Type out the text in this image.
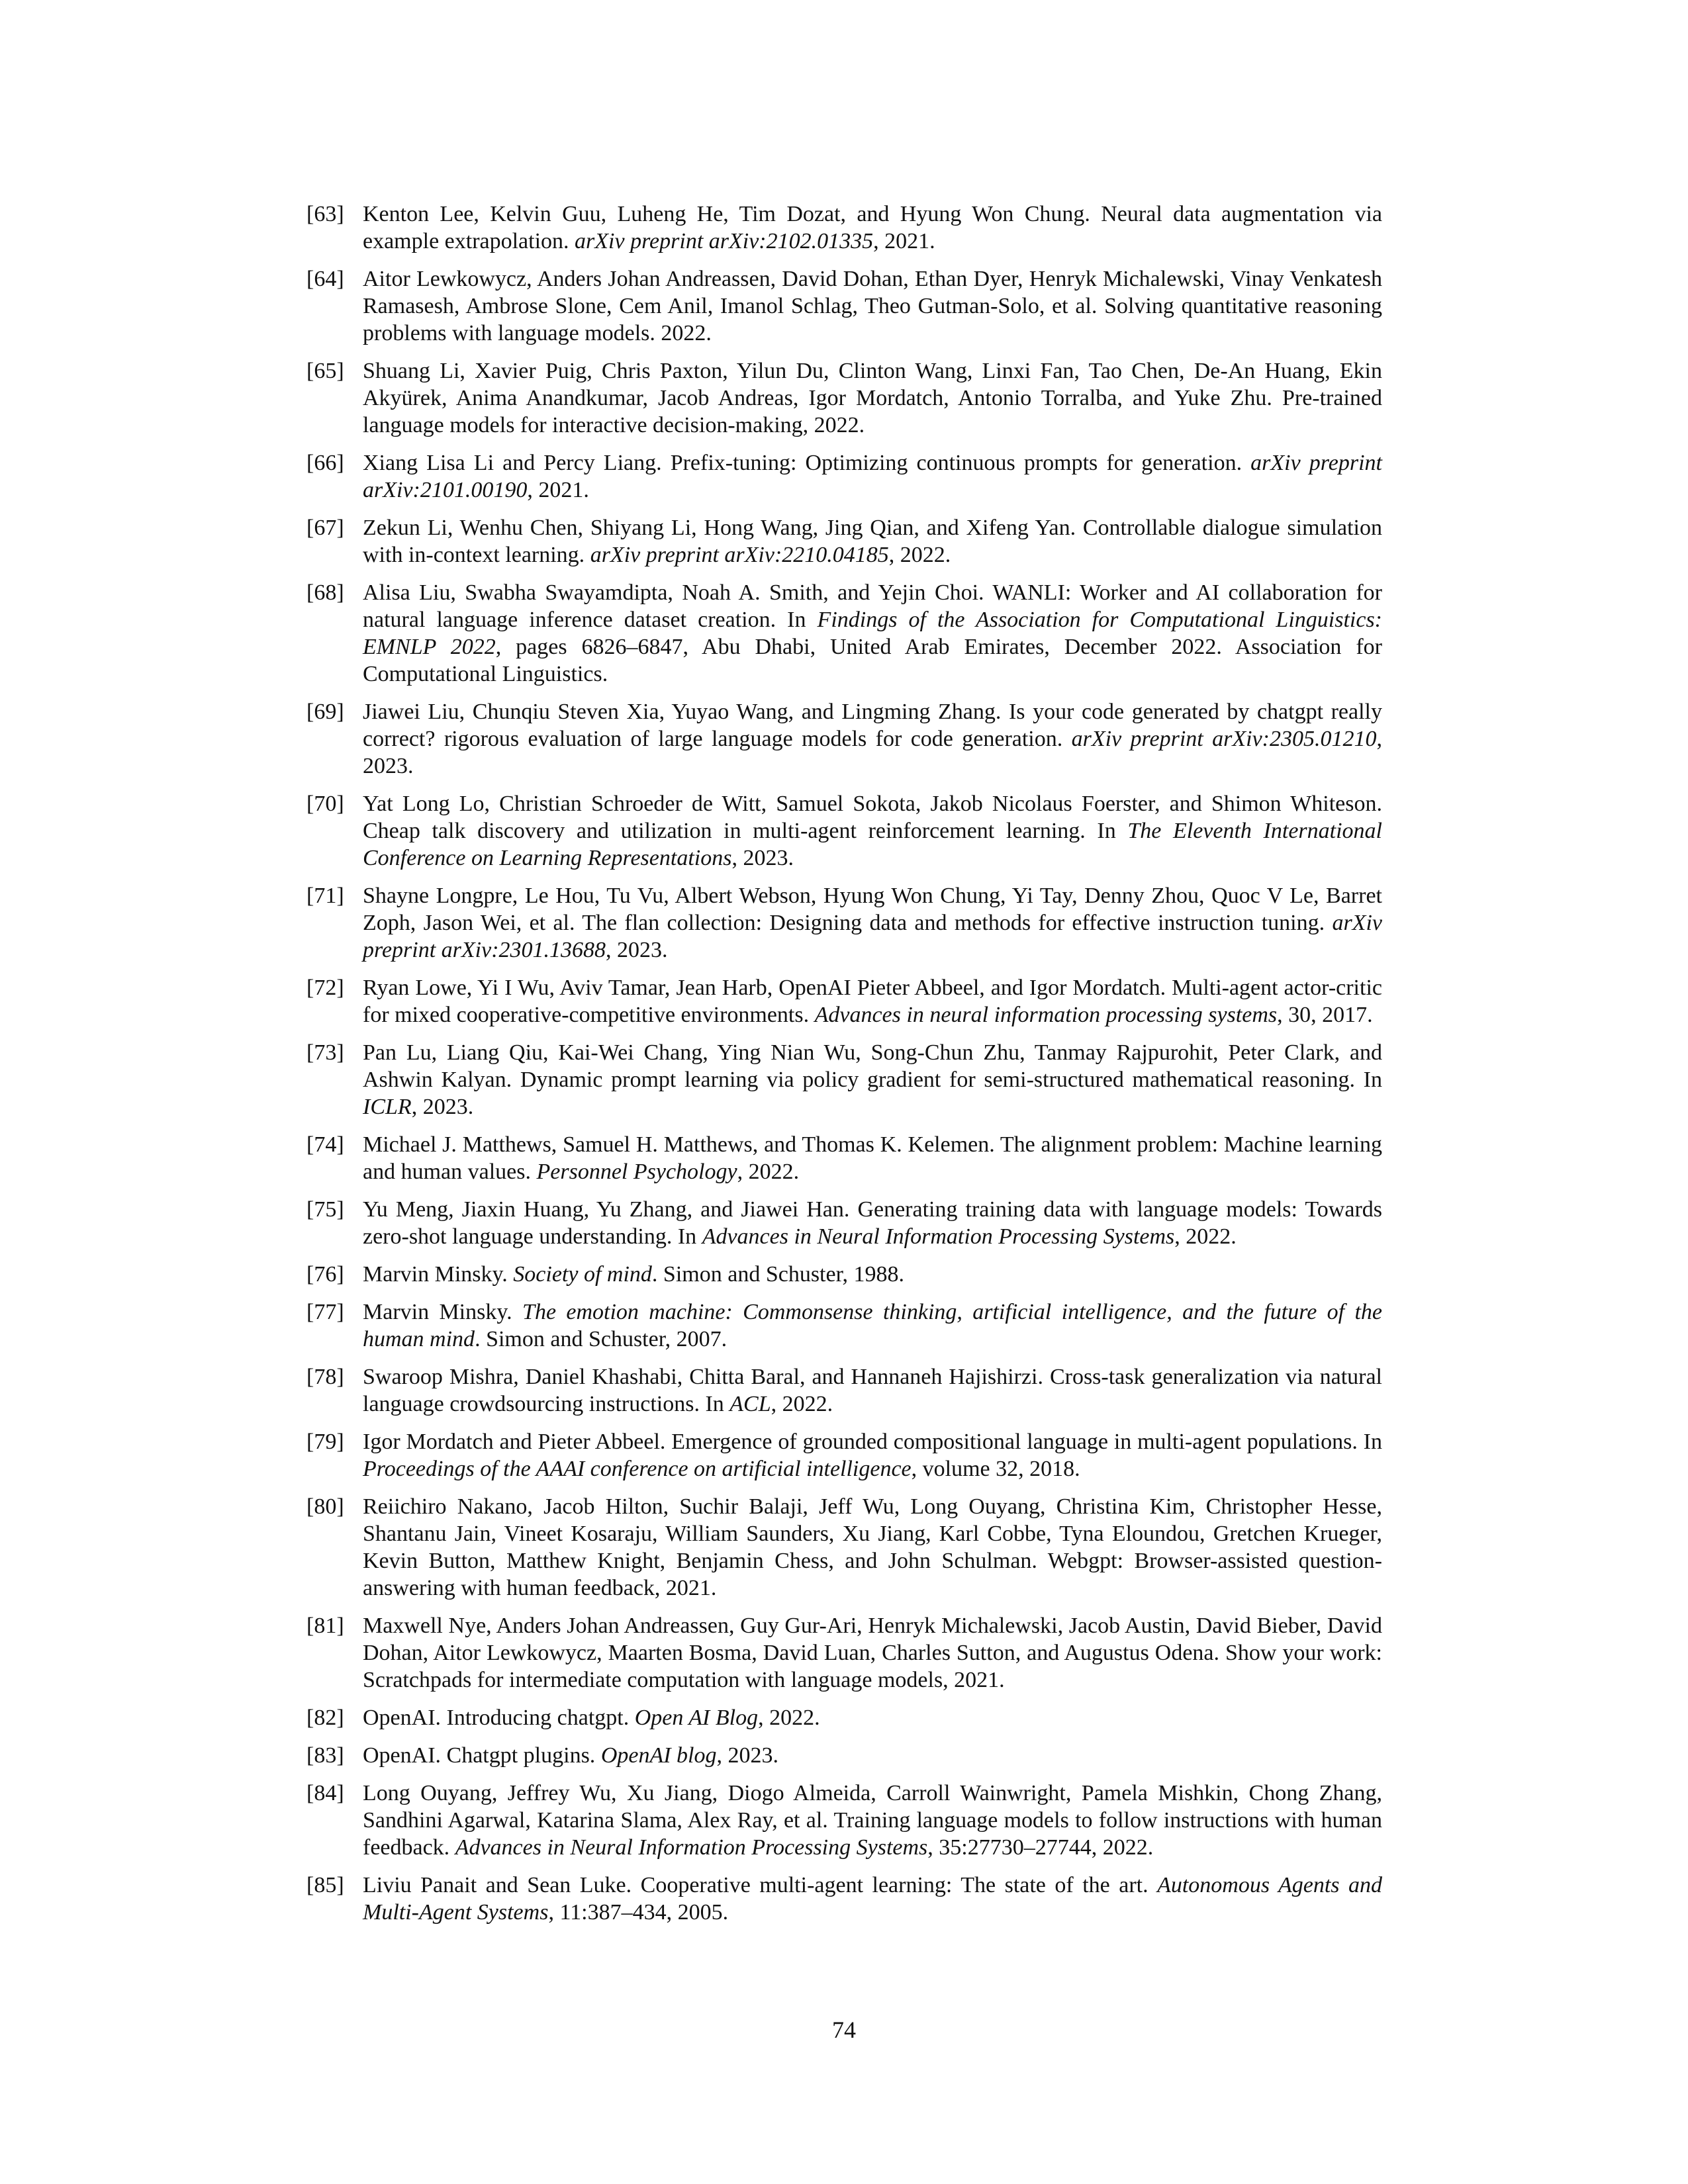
[63] Kenton Lee, Kelvin Guu, Luheng He, Tim Dozat, and Hyung Won Chung. Neural data augmentation via example extrapolation. arXiv preprint arXiv:2102.01335, 2021.
[64] Aitor Lewkowycz, Anders Johan Andreassen, David Dohan, Ethan Dyer, Henryk Michalewski, Vinay Venkatesh Ramasesh, Ambrose Slone, Cem Anil, Imanol Schlag, Theo Gutman-Solo, et al. Solving quantitative reasoning problems with language models. 2022.
[65] Shuang Li, Xavier Puig, Chris Paxton, Yilun Du, Clinton Wang, Linxi Fan, Tao Chen, De-An Huang, Ekin Akyürek, Anima Anandkumar, Jacob Andreas, Igor Mordatch, Antonio Torralba, and Yuke Zhu. Pre-trained language models for interactive decision-making, 2022.
[66] Xiang Lisa Li and Percy Liang. Prefix-tuning: Optimizing continuous prompts for generation. arXiv preprint arXiv:2101.00190, 2021.
[67] Zekun Li, Wenhu Chen, Shiyang Li, Hong Wang, Jing Qian, and Xifeng Yan. Controllable dialogue simulation with in-context learning. arXiv preprint arXiv:2210.04185, 2022.
[68] Alisa Liu, Swabha Swayamdipta, Noah A. Smith, and Yejin Choi. WANLI: Worker and AI collaboration for natural language inference dataset creation. In Findings of the Association for Computational Linguistics: EMNLP 2022, pages 6826–6847, Abu Dhabi, United Arab Emirates, December 2022. Association for Computational Linguistics.
[69] Jiawei Liu, Chunqiu Steven Xia, Yuyao Wang, and Lingming Zhang. Is your code generated by chatgpt really correct? rigorous evaluation of large language models for code generation. arXiv preprint arXiv:2305.01210, 2023.
[70] Yat Long Lo, Christian Schroeder de Witt, Samuel Sokota, Jakob Nicolaus Foerster, and Shimon Whiteson. Cheap talk discovery and utilization in multi-agent reinforcement learning. In The Eleventh International Conference on Learning Representations, 2023.
[71] Shayne Longpre, Le Hou, Tu Vu, Albert Webson, Hyung Won Chung, Yi Tay, Denny Zhou, Quoc V Le, Barret Zoph, Jason Wei, et al. The flan collection: Designing data and methods for effective instruction tuning. arXiv preprint arXiv:2301.13688, 2023.
[72] Ryan Lowe, Yi I Wu, Aviv Tamar, Jean Harb, OpenAI Pieter Abbeel, and Igor Mordatch. Multi-agent actor-critic for mixed cooperative-competitive environments. Advances in neural information processing systems, 30, 2017.
[73] Pan Lu, Liang Qiu, Kai-Wei Chang, Ying Nian Wu, Song-Chun Zhu, Tanmay Rajpurohit, Peter Clark, and Ashwin Kalyan. Dynamic prompt learning via policy gradient for semi-structured mathematical reasoning. In ICLR, 2023.
[74] Michael J. Matthews, Samuel H. Matthews, and Thomas K. Kelemen. The alignment problem: Machine learning and human values. Personnel Psychology, 2022.
[75] Yu Meng, Jiaxin Huang, Yu Zhang, and Jiawei Han. Generating training data with language models: Towards zero-shot language understanding. In Advances in Neural Information Processing Systems, 2022.
[76] Marvin Minsky. Society of mind. Simon and Schuster, 1988.
[77] Marvin Minsky. The emotion machine: Commonsense thinking, artificial intelligence, and the future of the human mind. Simon and Schuster, 2007.
[78] Swaroop Mishra, Daniel Khashabi, Chitta Baral, and Hannaneh Hajishirzi. Cross-task generalization via natural language crowdsourcing instructions. In ACL, 2022.
[79] Igor Mordatch and Pieter Abbeel. Emergence of grounded compositional language in multi-agent populations. In Proceedings of the AAAI conference on artificial intelligence, volume 32, 2018.
[80] Reiichiro Nakano, Jacob Hilton, Suchir Balaji, Jeff Wu, Long Ouyang, Christina Kim, Christopher Hesse, Shantanu Jain, Vineet Kosaraju, William Saunders, Xu Jiang, Karl Cobbe, Tyna Eloundou, Gretchen Krueger, Kevin Button, Matthew Knight, Benjamin Chess, and John Schulman. Webgpt: Browser-assisted question-answering with human feedback, 2021.
[81] Maxwell Nye, Anders Johan Andreassen, Guy Gur-Ari, Henryk Michalewski, Jacob Austin, David Bieber, David Dohan, Aitor Lewkowycz, Maarten Bosma, David Luan, Charles Sutton, and Augustus Odena. Show your work: Scratchpads for intermediate computation with language models, 2021.
[82] OpenAI. Introducing chatgpt. Open AI Blog, 2022.
[83] OpenAI. Chatgpt plugins. OpenAI blog, 2023.
[84] Long Ouyang, Jeffrey Wu, Xu Jiang, Diogo Almeida, Carroll Wainwright, Pamela Mishkin, Chong Zhang, Sandhini Agarwal, Katarina Slama, Alex Ray, et al. Training language models to follow instructions with human feedback. Advances in Neural Information Processing Systems, 35:27730–27744, 2022.
[85] Liviu Panait and Sean Luke. Cooperative multi-agent learning: The state of the art. Autonomous Agents and Multi-Agent Systems, 11:387–434, 2005.
74
